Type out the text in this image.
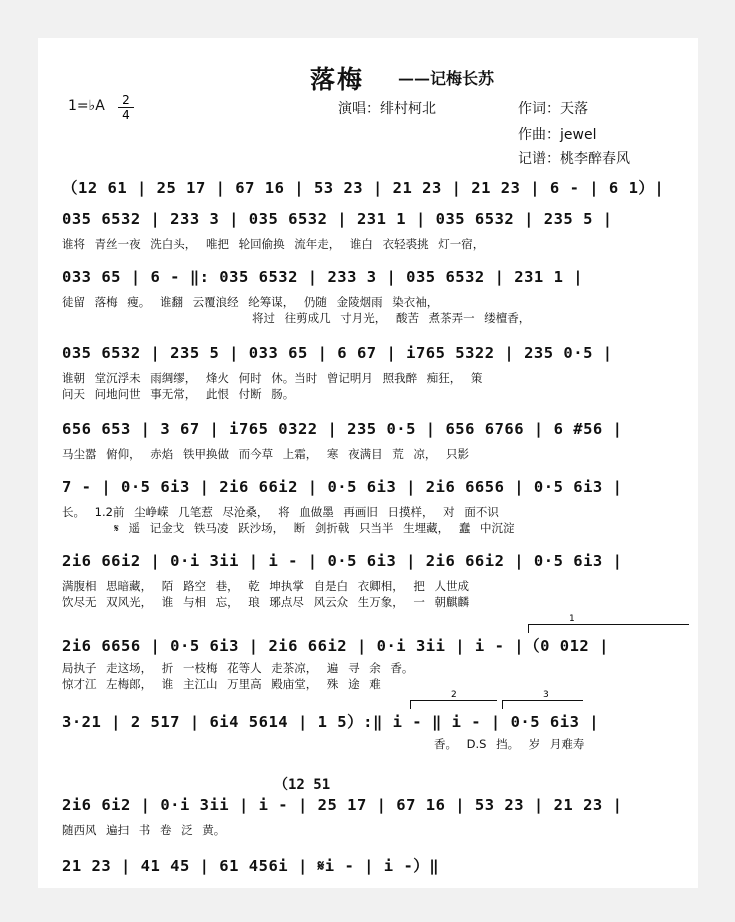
落梅 ——记梅长苏
1=♭A	2
4	演唱：绯村柯北	作词：天落
作曲：jewel
记谱：桃李醉春风
（12 61 | 25 17 | 67 16 | 53 23 | 21 23 | 21 23 | 6 - | 6 1）|
035 6532 | 233 3 | 035 6532 | 231 1 | 035 6532 | 235 5 |
谁将 青丝一夜 洗白头， 唯把 轮回偷换 流年走， 谁白 衣轻裘挑 灯一宿，
033 65 | 6 - ‖: 035 6532 | 233 3 | 035 6532 | 231 1 |
徒留 落梅 瘦。 谁翻 云覆浪经 纶筹谋， 仍随 金陵烟雨 染衣袖，
将过 往剪成几 寸月光， 酸苦 煮茶弄一 缕檀香，
035 6532 | 235 5 | 033 65 | 6 67 | i765 5322 | 235 0·5 |
谁朝 堂沉浮未 雨绸缪， 烽火 何时 休。当时 曾记明月 照我醉 痴狂， 策
问天 问地问世 事无常， 此恨 付断 肠。
656 653 | 3 67 | i765 0322 | 235 0·5 | 656 6766 | 6 #56 |
马尘嚣 俯仰， 赤焰 铁甲换做 而今草 上霜， 寒 夜满目 荒 凉， 只影
7 - | 0·5 6i3 | 2i6 66i2 | 0·5 6i3 | 2i6 6656 | 0·5 6i3 |
长。 1.2前 尘峥嵘 几笔惹 尽沧桑， 将 血做墨 再画旧 日摸样， 对 面不识
𝄋 遥 记金戈 铁马凌 跃沙场， 断 剑折戟 只当半 生埋藏， 蠢 中沉淀
2i6 66i2 | 0·i 3ii | i - | 0·5 6i3 | 2i6 66i2 | 0·5 6i3 |
满腹相 思暗藏， 陌 路空 巷， 乾 坤执掌 自是白 衣卿相， 把 人世成
饮尽无 双风光， 谁 与相 忘， 琅 琊点尽 风云众 生万象， 一 朝麒麟
1
2i6 6656 | 0·5 6i3 | 2i6 66i2 | 0·i 3ii | i - |（0 012 |
局执子 走这场， 折 一枝梅 花等人 走茶凉， 遍 寻 余 香。
惊才江 左梅郎， 谁 主江山 万里高 殿庙堂， 殊 途 难
2	3
3·21 | 2 517 | 6i4 5614 | 1 5）:‖ i - ‖ i - | 0·5 6i3 |
香。 D.S 挡。 岁 月难寿
（12 51
2i6 6i2 | 0·i 3ii | i - | 25 17 | 67 16 | 53 23 | 21 23 |
随西风 遍扫 书 卷 泛 黄。
21 23 | 41 45 | 61 456i | 𝄋i - | i -）‖
